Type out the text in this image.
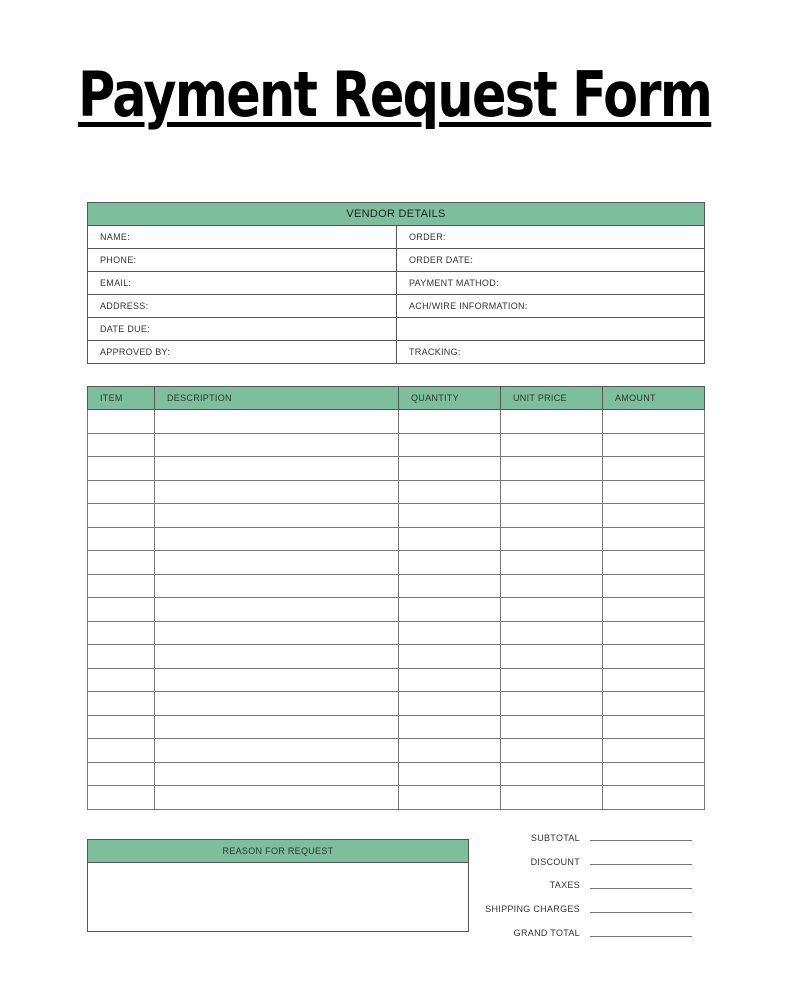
Payment Request Form
VENDOR DETAILS	
NAME:	ORDER:
PHONE:	ORDER DATE:
EMAIL:	PAYMENT MATHOD:
ADDRESS:	ACH/WIRE INFORMATION:
DATE DUE:	
APPROVED BY:	TRACKING:
ITEM	DESCRIPTION	QUANTITY	UNIT PRICE	AMOUNT

REASON FOR REQUEST
SUBTOTAL
DISCOUNT
TAXES
SHIPPING CHARGES
GRAND TOTAL
